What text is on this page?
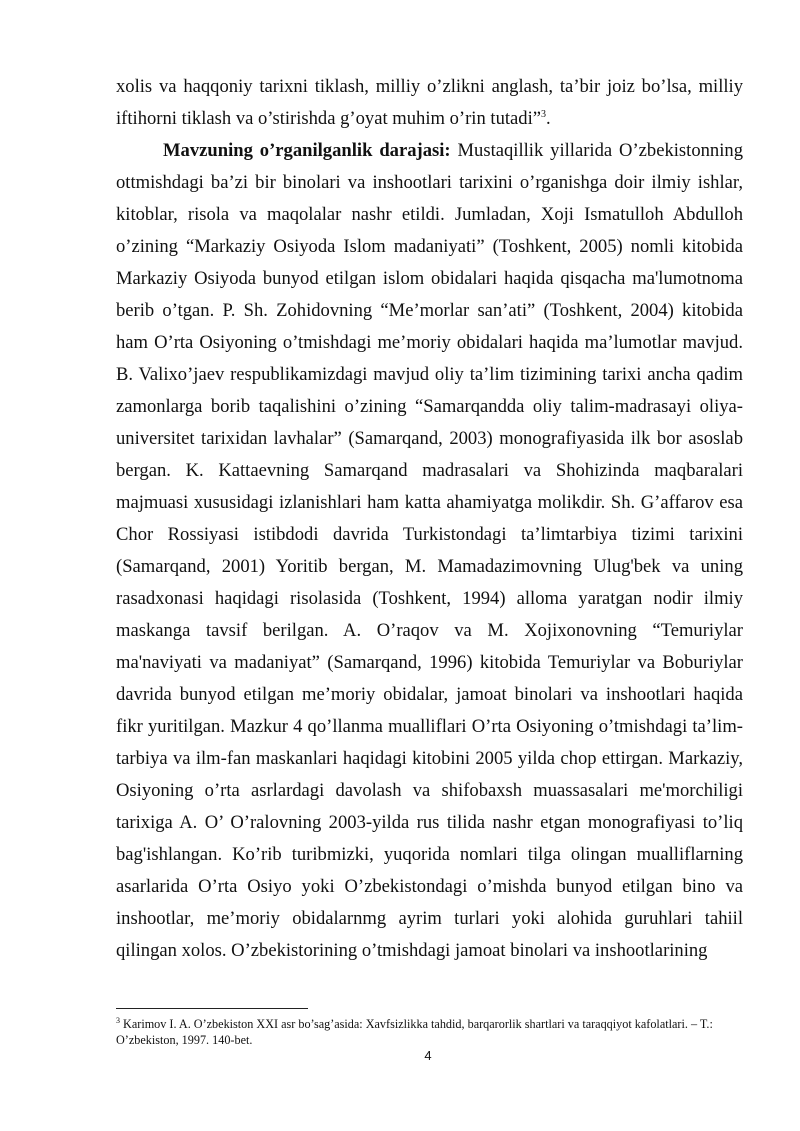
xolis va haqqoniy tarixni tiklash, milliy o’zlikni anglash, ta’bir joiz bo’lsa, milliy iftihorni tiklash va o’stirishda g’oyat muhim o’rin tutadi”$^3$.

Mavzuning o’rganilganlik darajasi: Mustaqillik yillarida O’zbekistonning ottmishdagi ba’zi bir binolari va inshootlari tarixini o’rganishga doir ilmiy ishlar, kitoblar, risola va maqolalar nashr etildi. Jumladan, Xoji Ismatulloh Abdulloh o’zining “Markaziy Osiyoda Islom madaniyati” (Toshkent, 2005) nomli kitobida Markaziy Osiyoda bunyod etilgan islom obidalari haqida qisqacha ma'lumotnoma berib o’tgan. P. Sh. Zohidovning “Me’morlar san’ati” (Toshkent, 2004) kitobida ham O’rta Osiyoning o’tmishdagi me’moriy obidalari haqida ma’lumotlar mavjud. B. Valixo’jaev respublikamizdagi mavjud oliy ta’lim tizimining tarixi ancha qadim zamonlarga borib taqalishini o’zining “Samarqandda oliy talim-madrasayi oliya-universitet tarixidan lavhalar” (Samarqand, 2003) monografiyasida ilk bor asoslab bergan. K. Kattaevning Samarqand madrasalari va Shohizinda maqbaralari majmuasi xususidagi izlanishlari ham katta ahamiyatga molikdir. Sh. G’affarov esa Chor Rossiyasi istibdodi davrida Turkistondagi ta’limtarbiya tizimi tarixini (Samarqand, 2001) Yoritib bergan, M. Mamadazimovning Ulug'bek va uning rasadxonasi haqidagi risolasida (Toshkent, 1994) alloma yaratgan nodir ilmiy maskanga tavsif berilgan. A. O’raqov va M. Xojixonovning “Temuriylar ma'naviyati va madaniyat” (Samarqand, 1996) kitobida Temuriylar va Boburiylar davrida bunyod etilgan me’moriy obidalar, jamoat binolari va inshootlari haqida fikr yuritilgan. Mazkur 4 qo’llanma mualliflari O’rta Osiyoning o’tmishdagi ta’lim-tarbiya va ilm-fan maskanlari haqidagi kitobini 2005 yilda chop ettirgan. Markaziy, Osiyoning o’rta asrlardagi davolash va shifobaxsh muassasalari me'morchiligi tarixiga A. O’ O’ralovning 2003-yilda rus tilida nashr etgan monografiyasi to’liq bag'ishlangan. Ko’rib turibmizki, yuqorida nomlari tilga olingan mualliflarning asarlarida O’rta Osiyo yoki O’zbekistondagi o’mishda bunyod etilgan bino va inshootlar, me’moriy obidalarnmg ayrim turlari yoki alohida guruhlari tahiil qilingan xolos. O’zbekistorining o’tmishdagi jamoat binolari va inshootlarining

$^3$ Karimov I. A. O’zbekiston XXI asr bo’sag’asida: Xavfsizlikka tahdid, barqarorlik shartlari va taraqqiyot kafolatlari. – T.: O’zbekiston, 1997. 140-bet.

4
